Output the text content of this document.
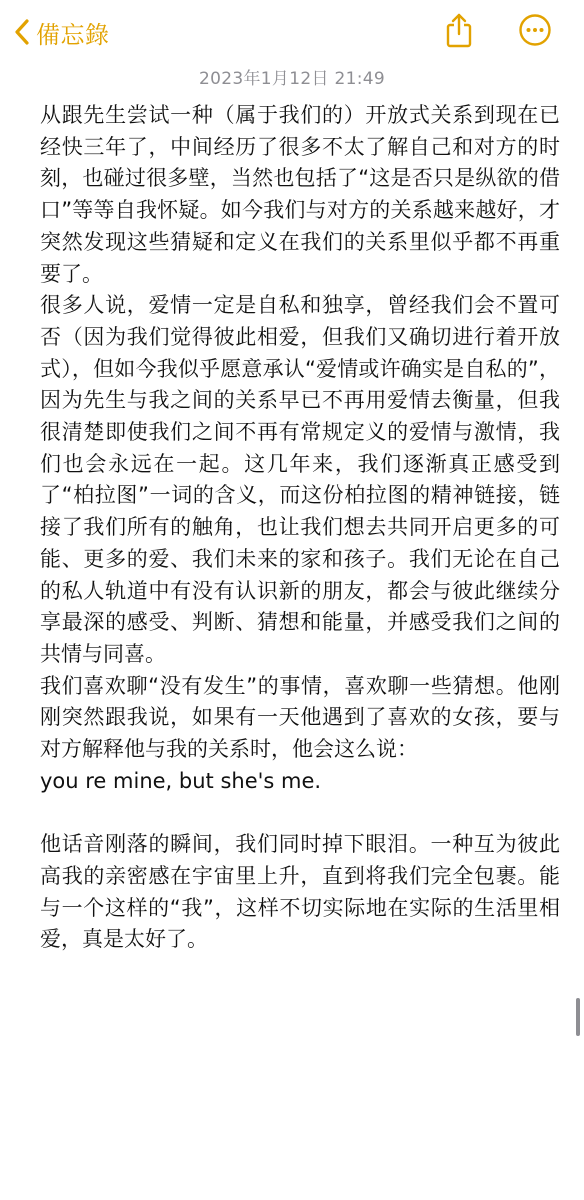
備忘錄
2023年1月12日 21:49

从跟先生尝试一种（属于我们的）开放式关系到现在已经快三年了，中间经历了很多不太了解自己和对方的时刻，也碰过很多壁，当然也包括了“这是否只是纵欲的借口”等等自我怀疑。如今我们与对方的关系越来越好，才突然发现这些猜疑和定义在我们的关系里似乎都不再重要了。

很多人说，爱情一定是自私和独享，曾经我们会不置可否（因为我们觉得彼此相爱，但我们又确切进行着开放式），但如今我似乎愿意承认“爱情或许确实是自私的”，因为先生与我之间的关系早已不再用爱情去衡量，但我很清楚即使我们之间不再有常规定义的爱情与激情，我们也会永远在一起。这几年来，我们逐渐真正感受到了“柏拉图”一词的含义，而这份柏拉图的精神链接，链接了我们所有的触角，也让我们想去共同开启更多的可能、更多的爱、我们未来的家和孩子。我们无论在自己的私人轨道中有没有认识新的朋友，都会与彼此继续分享最深的感受、判断、猜想和能量，并感受我们之间的共情与同喜。

我们喜欢聊“没有发生”的事情，喜欢聊一些猜想。他刚刚突然跟我说，如果有一天他遇到了喜欢的女孩，要与对方解释他与我的关系时，他会这么说：

you re mine, but she's me.

他话音刚落的瞬间，我们同时掉下眼泪。一种互为彼此高我的亲密感在宇宙里上升，直到将我们完全包裹。能与一个这样的“我”，这样不切实际地在实际的生活里相爱，真是太好了。
